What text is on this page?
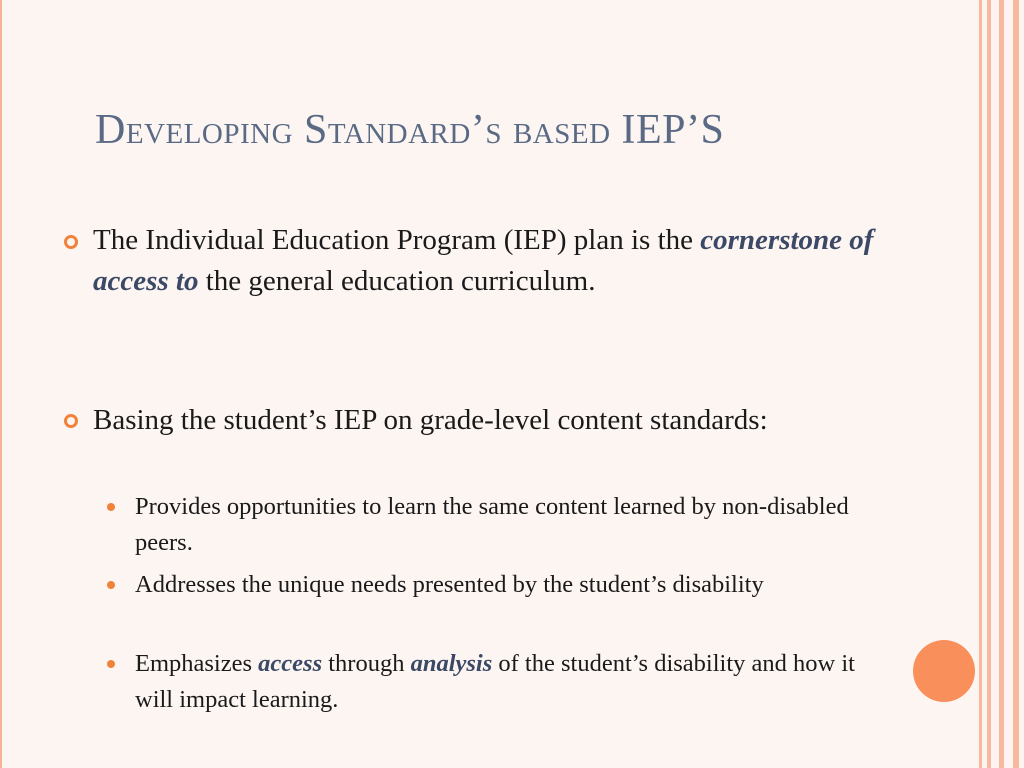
Developing Standard’s based IEP’S
The Individual Education Program (IEP) plan is the cornerstone of access to the general education curriculum.
Basing the student’s IEP on grade-level content standards:
Provides opportunities to learn the same content learned by non-disabled peers.
Addresses the unique needs presented by the student’s disability
Emphasizes access through analysis of the student’s disability and how it will impact learning.
